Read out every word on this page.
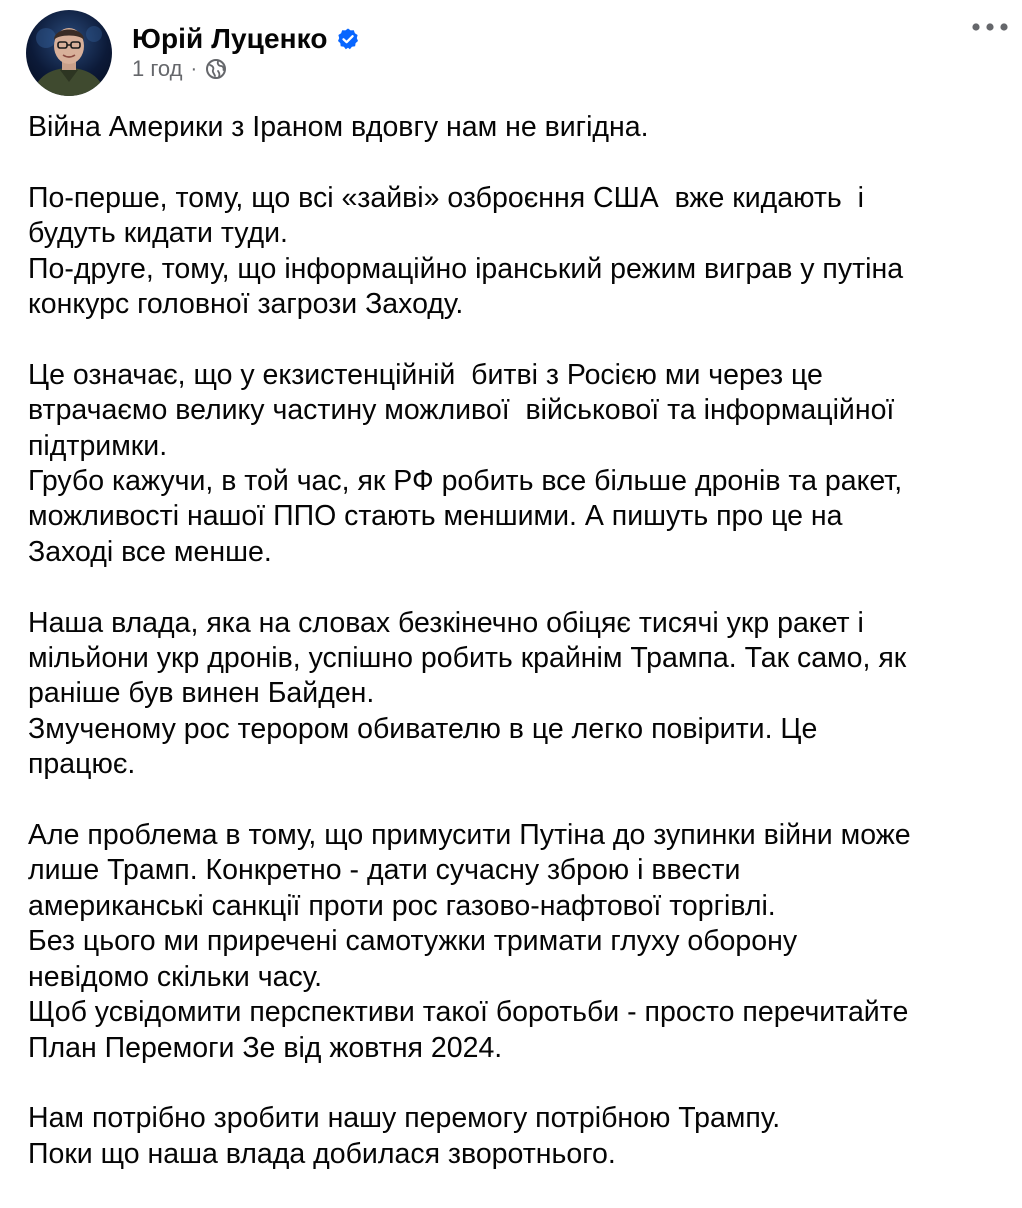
Юрій Луценко
1 год ·
Війна Америки з Іраном вдовгу нам не вигідна.
По-перше, тому, що всі «зайві» озброєння США  вже кидають  і
будуть кидати туди.
По-друге, тому, що інформаційно іранський режим виграв у путіна
конкурс головної загрози Заходу.
Це означає, що у екзистенційній  битві з Росією ми через це
втрачаємо велику частину можливої  військової та інформаційної
підтримки.
Грубо кажучи, в той час, як РФ робить все більше дронів та ракет,
можливості нашої ППО стають меншими. А пишуть про це на
Заході все менше.
Наша влада, яка на словах безкінечно обіцяє тисячі укр ракет і
мільйони укр дронів, успішно робить крайнім Трампа. Так само, як
раніше був винен Байден.
Змученому рос терором обивателю в це легко повірити. Це
працює.
Але проблема в тому, що примусити Путіна до зупинки війни може
лише Трамп. Конкретно - дати сучасну зброю і ввести
американські санкції проти рос газово-нафтової торгівлі.
Без цього ми приречені самотужки тримати глуху оборону
невідомо скільки часу.
Щоб усвідомити перспективи такої боротьби - просто перечитайте
План Перемоги Зе від жовтня 2024.
Нам потрібно зробити нашу перемогу потрібною Трампу.
Поки що наша влада добилася зворотнього.
